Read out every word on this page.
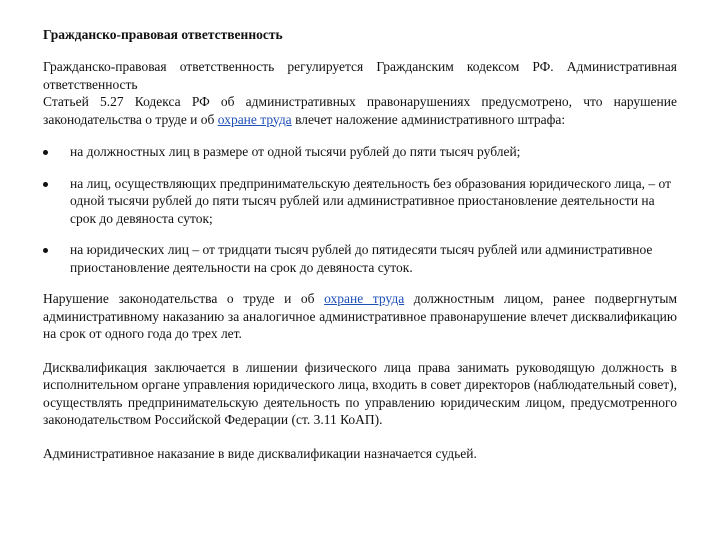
Гражданско-правовая ответственность

Гражданско-правовая ответственность регулируется Гражданским кодексом РФ. Административная ответственность
Статьей 5.27 Кодекса РФ об административных правонарушениях предусмотрено, что нарушение законодательства о труде и об охране труда влечет наложение административного штрафа:

на должностных лиц в размере от одной тысячи рублей до пяти тысяч рублей;
на лиц, осуществляющих предпринимательскую деятельность без образования юридического лица, – от одной тысячи рублей до пяти тысяч рублей или административное приостановление деятельности на срок до девяноста суток;
на юридических лиц – от тридцати тысяч рублей до пятидесяти тысяч рублей или административное приостановление деятельности на срок до девяноста суток.

Нарушение законодательства о труде и об охране труда должностным лицом, ранее подвергнутым административному наказанию за аналогичное административное правонарушение влечет дисквалификацию на срок от одного года до трех лет.

Дисквалификация заключается в лишении физического лица права занимать руководящую должность в исполнительном органе управления юридического лица, входить в совет директоров (наблюдательный совет), осуществлять предпринимательскую деятельность по управлению юридическим лицом, предусмотренного законодательством Российской Федерации (ст. 3.11 КоАП).

Административное наказание в виде дисквалификации назначается судьей.
